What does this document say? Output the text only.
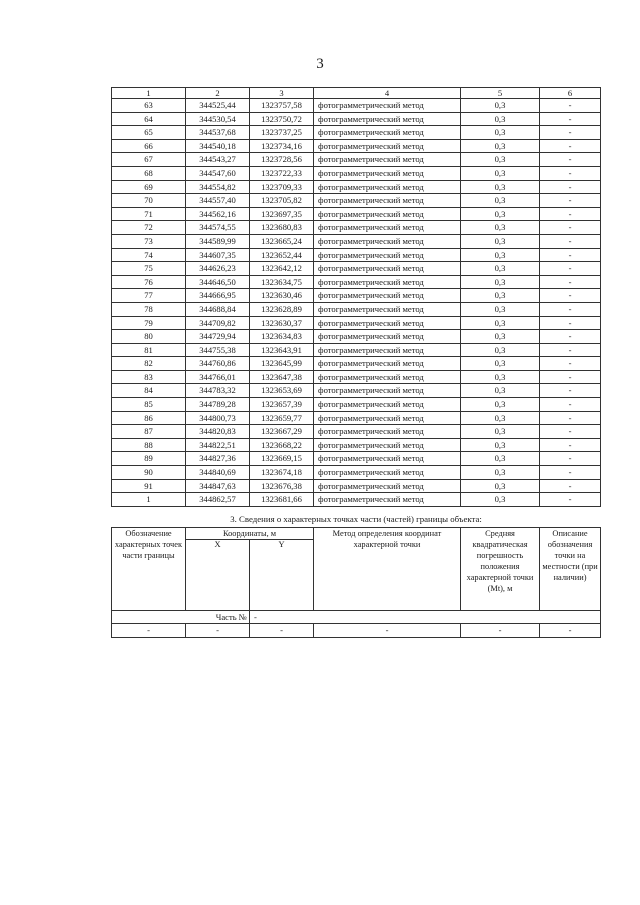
3
1	2	3	4	5	6
63	344525,44	1323757,58	фотограмметрический метод	0,3	-
64	344530,54	1323750,72	фотограмметрический метод	0,3	-
65	344537,68	1323737,25	фотограмметрический метод	0,3	-
66	344540,18	1323734,16	фотограмметрический метод	0,3	-
67	344543,27	1323728,56	фотограмметрический метод	0,3	-
68	344547,60	1323722,33	фотограмметрический метод	0,3	-
69	344554,82	1323709,33	фотограмметрический метод	0,3	-
70	344557,40	1323705,82	фотограмметрический метод	0,3	-
71	344562,16	1323697,35	фотограмметрический метод	0,3	-
72	344574,55	1323680,83	фотограмметрический метод	0,3	-
73	344589,99	1323665,24	фотограмметрический метод	0,3	-
74	344607,35	1323652,44	фотограмметрический метод	0,3	-
75	344626,23	1323642,12	фотограмметрический метод	0,3	-
76	344646,50	1323634,75	фотограмметрический метод	0,3	-
77	344666,95	1323630,46	фотограмметрический метод	0,3	-
78	344688,84	1323628,89	фотограмметрический метод	0,3	-
79	344709,82	1323630,37	фотограмметрический метод	0,3	-
80	344729,94	1323634,83	фотограмметрический метод	0,3	-
81	344755,38	1323643,91	фотограмметрический метод	0,3	-
82	344760,86	1323645,99	фотограмметрический метод	0,3	-
83	344766,01	1323647,38	фотограмметрический метод	0,3	-
84	344783,32	1323653,69	фотограмметрический метод	0,3	-
85	344789,28	1323657,39	фотограмметрический метод	0,3	-
86	344800,73	1323659,77	фотограмметрический метод	0,3	-
87	344820,83	1323667,29	фотограмметрический метод	0,3	-
88	344822,51	1323668,22	фотограмметрический метод	0,3	-
89	344827,36	1323669,15	фотограмметрический метод	0,3	-
90	344840,69	1323674,18	фотограмметрический метод	0,3	-
91	344847,63	1323676,38	фотограмметрический метод	0,3	-
1	344862,57	1323681,66	фотограмметрический метод	0,3	-
3. Сведения о характерных точках части (частей) границы объекта:					
Обозначение характерных точек части границы	Координаты, м		Метод определения координат характерной точки	Средняя квадратическая погрешность положения характерной точки (Mt), м	Описание обозначения точки на местности (при наличии)
	X	Y			
	Часть №	-			
-	-	-	-	-	-
